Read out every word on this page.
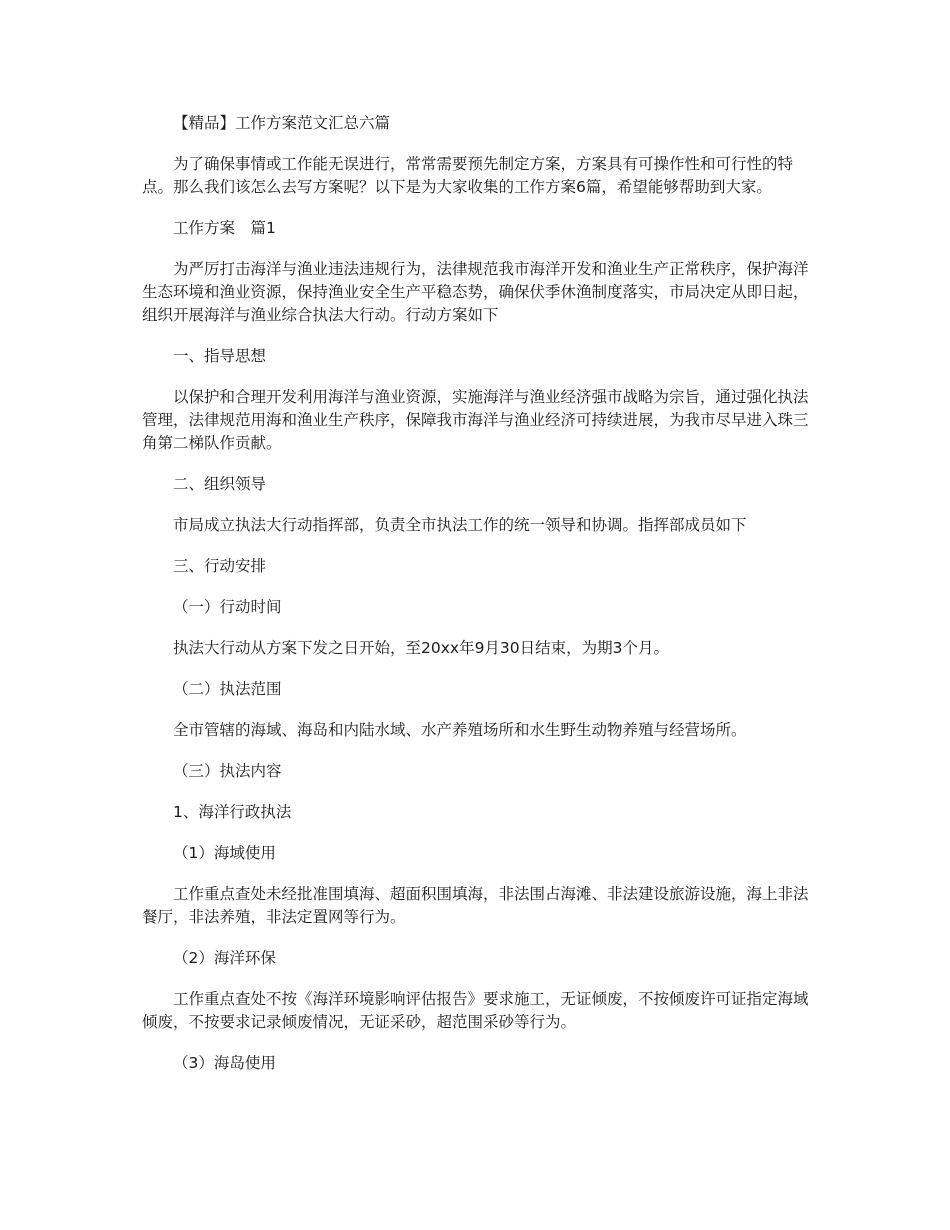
【精品】工作方案范文汇总六篇

为了确保事情或工作能无误进行，常常需要预先制定方案，方案具有可操作性和可行性的特点。那么我们该怎么去写方案呢？以下是为大家收集的工作方案6篇，希望能够帮助到大家。

工作方案　篇1

为严厉打击海洋与渔业违法违规行为，法律规范我市海洋开发和渔业生产正常秩序，保护海洋生态环境和渔业资源，保持渔业安全生产平稳态势，确保伏季休渔制度落实，市局决定从即日起，组织开展海洋与渔业综合执法大行动。行动方案如下

一、指导思想

以保护和合理开发利用海洋与渔业资源，实施海洋与渔业经济强市战略为宗旨，通过强化执法管理，法律规范用海和渔业生产秩序，保障我市海洋与渔业经济可持续进展，为我市尽早进入珠三角第二梯队作贡献。

二、组织领导

市局成立执法大行动指挥部，负责全市执法工作的统一领导和协调。指挥部成员如下

三、行动安排

（一）行动时间

执法大行动从方案下发之日开始，至20xx年9月30日结束，为期3个月。

（二）执法范围

全市管辖的海域、海岛和内陆水域、水产养殖场所和水生野生动物养殖与经营场所。

（三）执法内容

1、海洋行政执法

（1）海域使用

工作重点查处未经批准围填海、超面积围填海，非法围占海滩、非法建设旅游设施，海上非法餐厅，非法养殖，非法定置网等行为。

（2）海洋环保

工作重点查处不按《海洋环境影响评估报告》要求施工，无证倾废，不按倾废许可证指定海域倾废，不按要求记录倾废情况，无证采砂，超范围采砂等行为。

（3）海岛使用
